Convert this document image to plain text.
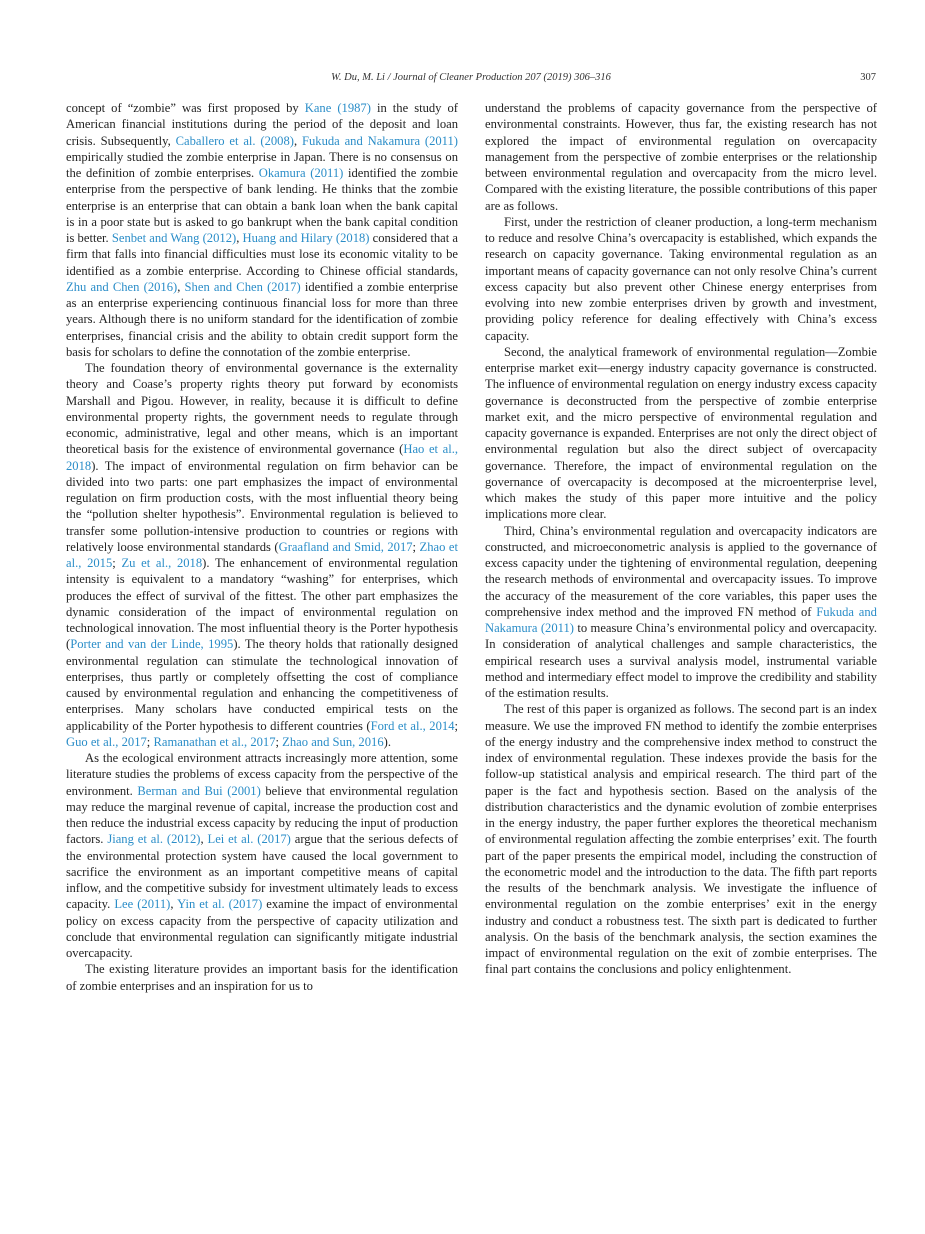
W. Du, M. Li / Journal of Cleaner Production 207 (2019) 306–316	307

concept of “zombie” was first proposed by Kane (1987) in the study of American financial institutions during the period of the deposit and loan crisis. Subsequently, Caballero et al. (2008), Fukuda and Nakamura (2011) empirically studied the zombie enterprise in Japan. There is no consensus on the definition of zombie enterprises. Okamura (2011) identified the zombie enterprise from the perspective of bank lending. He thinks that the zombie enterprise is an enterprise that can obtain a bank loan when the bank capital is in a poor state but is asked to go bankrupt when the bank capital condition is better. Senbet and Wang (2012), Huang and Hilary (2018) considered that a firm that falls into financial difficulties must lose its economic vitality to be identified as a zombie enterprise. According to Chinese official standards, Zhu and Chen (2016), Shen and Chen (2017) identified a zombie enterprise as an enterprise experiencing continuous financial loss for more than three years. Although there is no uniform standard for the identification of zombie enterprises, financial crisis and the ability to obtain credit support form the basis for scholars to define the connotation of the zombie enterprise.

The foundation theory of environmental governance is the externality theory and Coase’s property rights theory put forward by economists Marshall and Pigou. However, in reality, because it is difficult to define environmental property rights, the government needs to regulate through economic, administrative, legal and other means, which is an important theoretical basis for the existence of environmental governance (Hao et al., 2018). The impact of environmental regulation on firm behavior can be divided into two parts: one part emphasizes the impact of environmental regulation on firm production costs, with the most influential theory being the “pollution shelter hypothesis”. Environmental regulation is believed to transfer some pollution-intensive production to countries or regions with relatively loose environmental standards (Graafland and Smid, 2017; Zhao et al., 2015; Zu et al., 2018). The enhancement of environmental regulation intensity is equivalent to a mandatory “washing” for enterprises, which produces the effect of survival of the fittest. The other part emphasizes the dynamic consideration of the impact of environmental regulation on technological innovation. The most influential theory is the Porter hypothesis (Porter and van der Linde, 1995). The theory holds that rationally designed environmental regulation can stimulate the technological innovation of enterprises, thus partly or completely offsetting the cost of compliance caused by environmental regulation and enhancing the competitiveness of enterprises. Many scholars have conducted empirical tests on the applicability of the Porter hypothesis to different countries (Ford et al., 2014; Guo et al., 2017; Ramanathan et al., 2017; Zhao and Sun, 2016).

As the ecological environment attracts increasingly more attention, some literature studies the problems of excess capacity from the perspective of the environment. Berman and Bui (2001) believe that environmental regulation may reduce the marginal revenue of capital, increase the production cost and then reduce the industrial excess capacity by reducing the input of production factors. Jiang et al. (2012), Lei et al. (2017) argue that the serious defects of the environmental protection system have caused the local government to sacrifice the environment as an important competitive means of capital inflow, and the competitive subsidy for investment ultimately leads to excess capacity. Lee (2011), Yin et al. (2017) examine the impact of environmental policy on excess capacity from the perspective of capacity utilization and conclude that environmental regulation can significantly mitigate industrial overcapacity.

The existing literature provides an important basis for the identification of zombie enterprises and an inspiration for us to

understand the problems of capacity governance from the perspective of environmental constraints. However, thus far, the existing research has not explored the impact of environmental regulation on overcapacity management from the perspective of zombie enterprises or the relationship between environmental regulation and overcapacity from the micro level. Compared with the existing literature, the possible contributions of this paper are as follows.

First, under the restriction of cleaner production, a long-term mechanism to reduce and resolve China’s overcapacity is established, which expands the research on capacity governance. Taking environmental regulation as an important means of capacity governance can not only resolve China’s current excess capacity but also prevent other Chinese energy enterprises from evolving into new zombie enterprises driven by growth and investment, providing policy reference for dealing effectively with China’s excess capacity.

Second, the analytical framework of environmental regulation—Zombie enterprise market exit—energy industry capacity governance is constructed. The influence of environmental regulation on energy industry excess capacity governance is deconstructed from the perspective of zombie enterprise market exit, and the micro perspective of environmental regulation and capacity governance is expanded. Enterprises are not only the direct object of environmental regulation but also the direct subject of overcapacity governance. Therefore, the impact of environmental regulation on the governance of overcapacity is decomposed at the microenterprise level, which makes the study of this paper more intuitive and the policy implications more clear.

Third, China’s environmental regulation and overcapacity indicators are constructed, and microeconometric analysis is applied to the governance of excess capacity under the tightening of environmental regulation, deepening the research methods of environmental and overcapacity issues. To improve the accuracy of the measurement of the core variables, this paper uses the comprehensive index method and the improved FN method of Fukuda and Nakamura (2011) to measure China’s environmental policy and overcapacity. In consideration of analytical challenges and sample characteristics, the empirical research uses a survival analysis model, instrumental variable method and intermediary effect model to improve the credibility and stability of the estimation results.

The rest of this paper is organized as follows. The second part is an index measure. We use the improved FN method to identify the zombie enterprises of the energy industry and the comprehensive index method to construct the index of environmental regulation. These indexes provide the basis for the follow-up statistical analysis and empirical research. The third part of the paper is the fact and hypothesis section. Based on the analysis of the distribution characteristics and the dynamic evolution of zombie enterprises in the energy industry, the paper further explores the theoretical mechanism of environmental regulation affecting the zombie enterprises’ exit. The fourth part of the paper presents the empirical model, including the construction of the econometric model and the introduction to the data. The fifth part reports the results of the benchmark analysis. We investigate the influence of environmental regulation on the zombie enterprises’ exit in the energy industry and conduct a robustness test. The sixth part is dedicated to further analysis. On the basis of the benchmark analysis, the section examines the impact of environmental regulation on the exit of zombie enterprises. The final part contains the conclusions and policy enlightenment.
